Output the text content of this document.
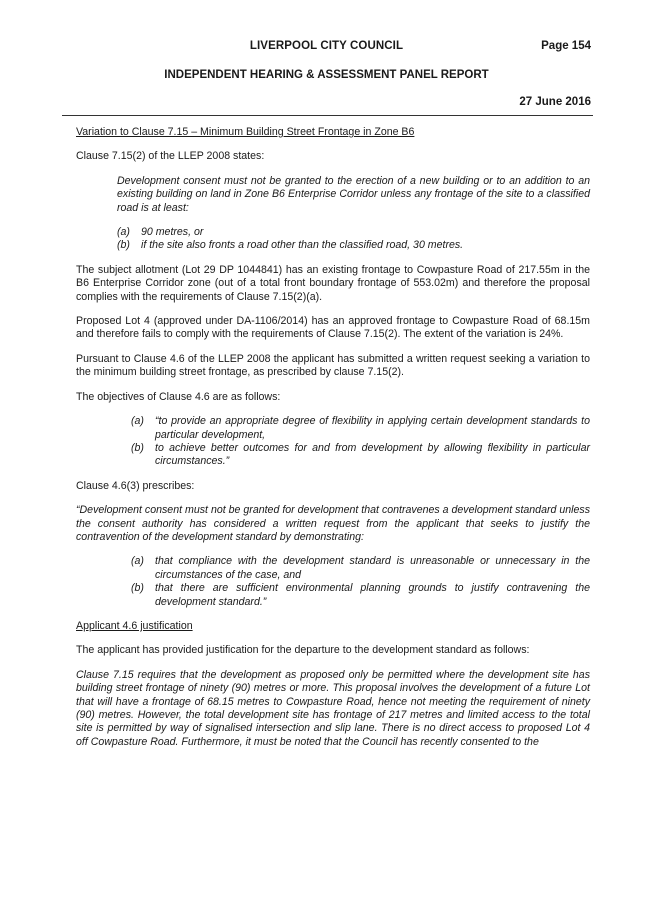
LIVERPOOL CITY COUNCIL	Page 154
INDEPENDENT HEARING & ASSESSMENT PANEL REPORT
27 June 2016

Variation to Clause 7.15 – Minimum Building Street Frontage in Zone B6

Clause 7.15(2) of the LLEP 2008 states:

Development consent must not be granted to the erection of a new building or to an addition to an existing building on land in Zone B6 Enterprise Corridor unless any frontage of the site to a classified road is at least:

(a)	90 metres, or
(b)	if the site also fronts a road other than the classified road, 30 metres.

The subject allotment (Lot 29 DP 1044841) has an existing frontage to Cowpasture Road of 217.55m in the B6 Enterprise Corridor zone (out of a total front boundary frontage of 553.02m) and therefore the proposal complies with the requirements of Clause 7.15(2)(a).

Proposed Lot 4 (approved under DA-1106/2014) has an approved frontage to Cowpasture Road of 68.15m and therefore fails to comply with the requirements of Clause 7.15(2). The extent of the variation is 24%.

Pursuant to Clause 4.6 of the LLEP 2008 the applicant has submitted a written request seeking a variation to the minimum building street frontage, as prescribed by clause 7.15(2).

The objectives of Clause 4.6 are as follows:

(a)	“to provide an appropriate degree of flexibility in applying certain development standards to particular development,
(b)	to achieve better outcomes for and from development by allowing flexibility in particular circumstances.”

Clause 4.6(3) prescribes:

“Development consent must not be granted for development that contravenes a development standard unless the consent authority has considered a written request from the applicant that seeks to justify the contravention of the development standard by demonstrating:

(a)	that compliance with the development standard is unreasonable or unnecessary in the circumstances of the case, and
(b)	that there are sufficient environmental planning grounds to justify contravening the development standard.”

Applicant 4.6 justification

The applicant has provided justification for the departure to the development standard as follows:

Clause 7.15 requires that the development as proposed only be permitted where the development site has building street frontage of ninety (90) metres or more. This proposal involves the development of a future Lot that will have a frontage of 68.15 metres to Cowpasture Road, hence not meeting the requirement of ninety (90) metres. However, the total development site has frontage of 217 metres and limited access to the total site is permitted by way of signalised intersection and slip lane. There is no direct access to proposed Lot 4 off Cowpasture Road. Furthermore, it must be noted that the Council has recently consented to the
